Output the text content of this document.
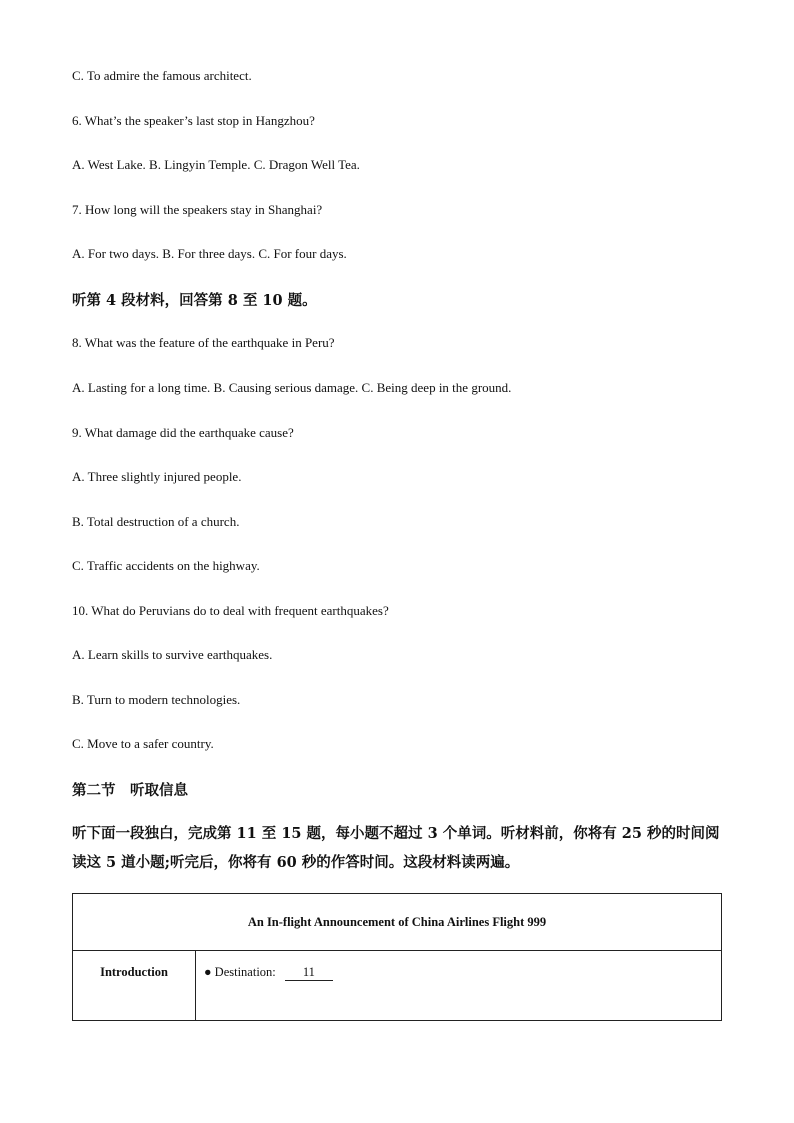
C. To admire the famous architect.
6. What’s the speaker’s last stop in Hangzhou?
A. West Lake. B. Lingyin Temple. C. Dragon Well Tea.
7. How long will the speakers stay in Shanghai?
A. For two days. B. For three days. C. For four days.
听第 4 段材料，回答第 8 至 10 题。
8. What was the feature of the earthquake in Peru?
A. Lasting for a long time. B. Causing serious damage. C. Being deep in the ground.
9. What damage did the earthquake cause?
A. Three slightly injured people.
B. Total destruction of a church.
C. Traffic accidents on the highway.
10. What do Peruvians do to deal with frequent earthquakes?
A. Learn skills to survive earthquakes.
B. Turn to modern technologies.
C. Move to a safer country.
第二节　听取信息
听下面一段独白，完成第 11 至 15 题，每小题不超过 3 个单词。听材料前，你将有 25 秒的时间阅读这 5 道小题;听完后，你将有 60 秒的作答时间。这段材料读两遍。
An In-flight Announcement of China Airlines Flight 999
Introduction	● Destination: 11
